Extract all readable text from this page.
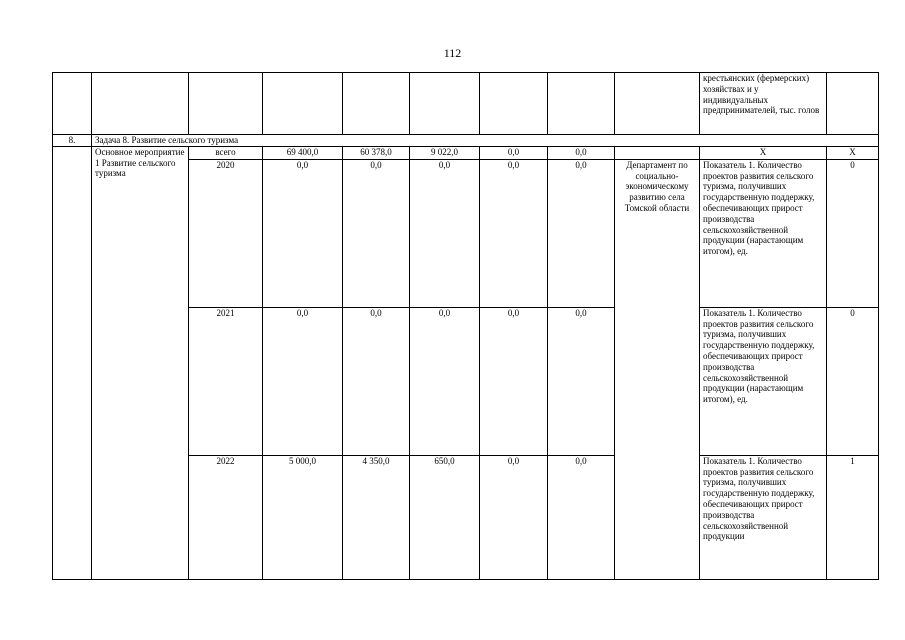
112
									крестьянских (фермерских) хозяйствах и у индивидуальных предпринимателей, тыс. голов	
8.	Задача 8. Развитие сельского туризма									
	Основное мероприятие 1 Развитие сельского туризма	всего	69 400,0	60 378,0	9 022,0	0,0	0,0		X	X
		2020	0,0	0,0	0,0	0,0	0,0	Департамент по социально-экономическому развитию села Томской области	Показатель 1. Количество проектов развития сельского туризма, получивших государственную поддержку, обеспечивающих прирост производства сельскохозяйственной продукции (нарастающим итогом), ед.	0
		2021	0,0	0,0	0,0	0,0	0,0		Показатель 1. Количество проектов развития сельского туризма, получивших государственную поддержку, обеспечивающих прирост производства сельскохозяйственной продукции (нарастающим итогом), ед.	0
		2022	5 000,0	4 350,0	650,0	0,0	0,0		Показатель 1. Количество проектов развития сельского туризма, получивших государственную поддержку, обеспечивающих прирост производства сельскохозяйственной продукции	1
